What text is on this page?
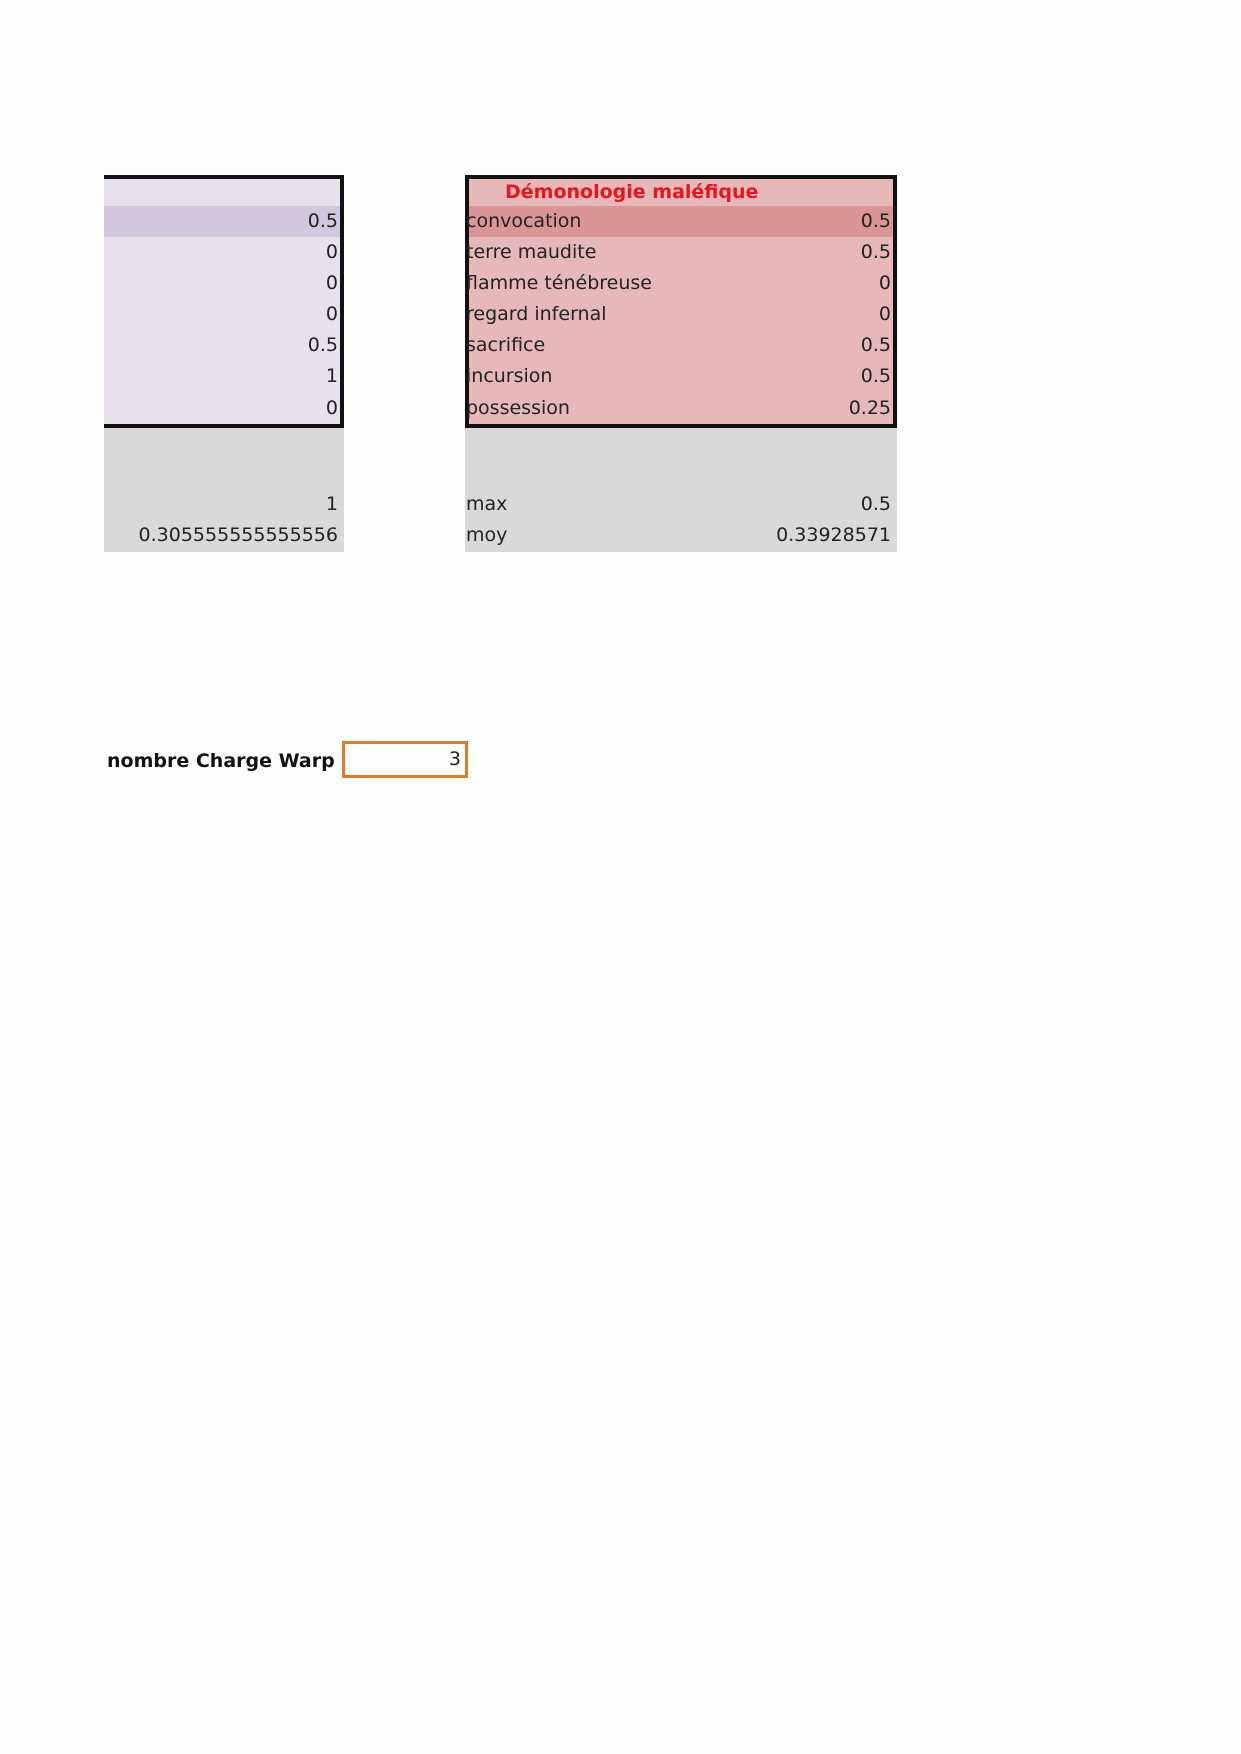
0.5
0
0
0
0.5
1
0
1
0.305555555555556
Démonologie maléfique
convocation	0.5
terre maudite	0.5
flamme ténébreuse	0
regard infernal	0
sacrifice	0.5
incursion	0.5
possession	0.25
max	0.5
moy	0.33928571
nombre Charge Warp	3
